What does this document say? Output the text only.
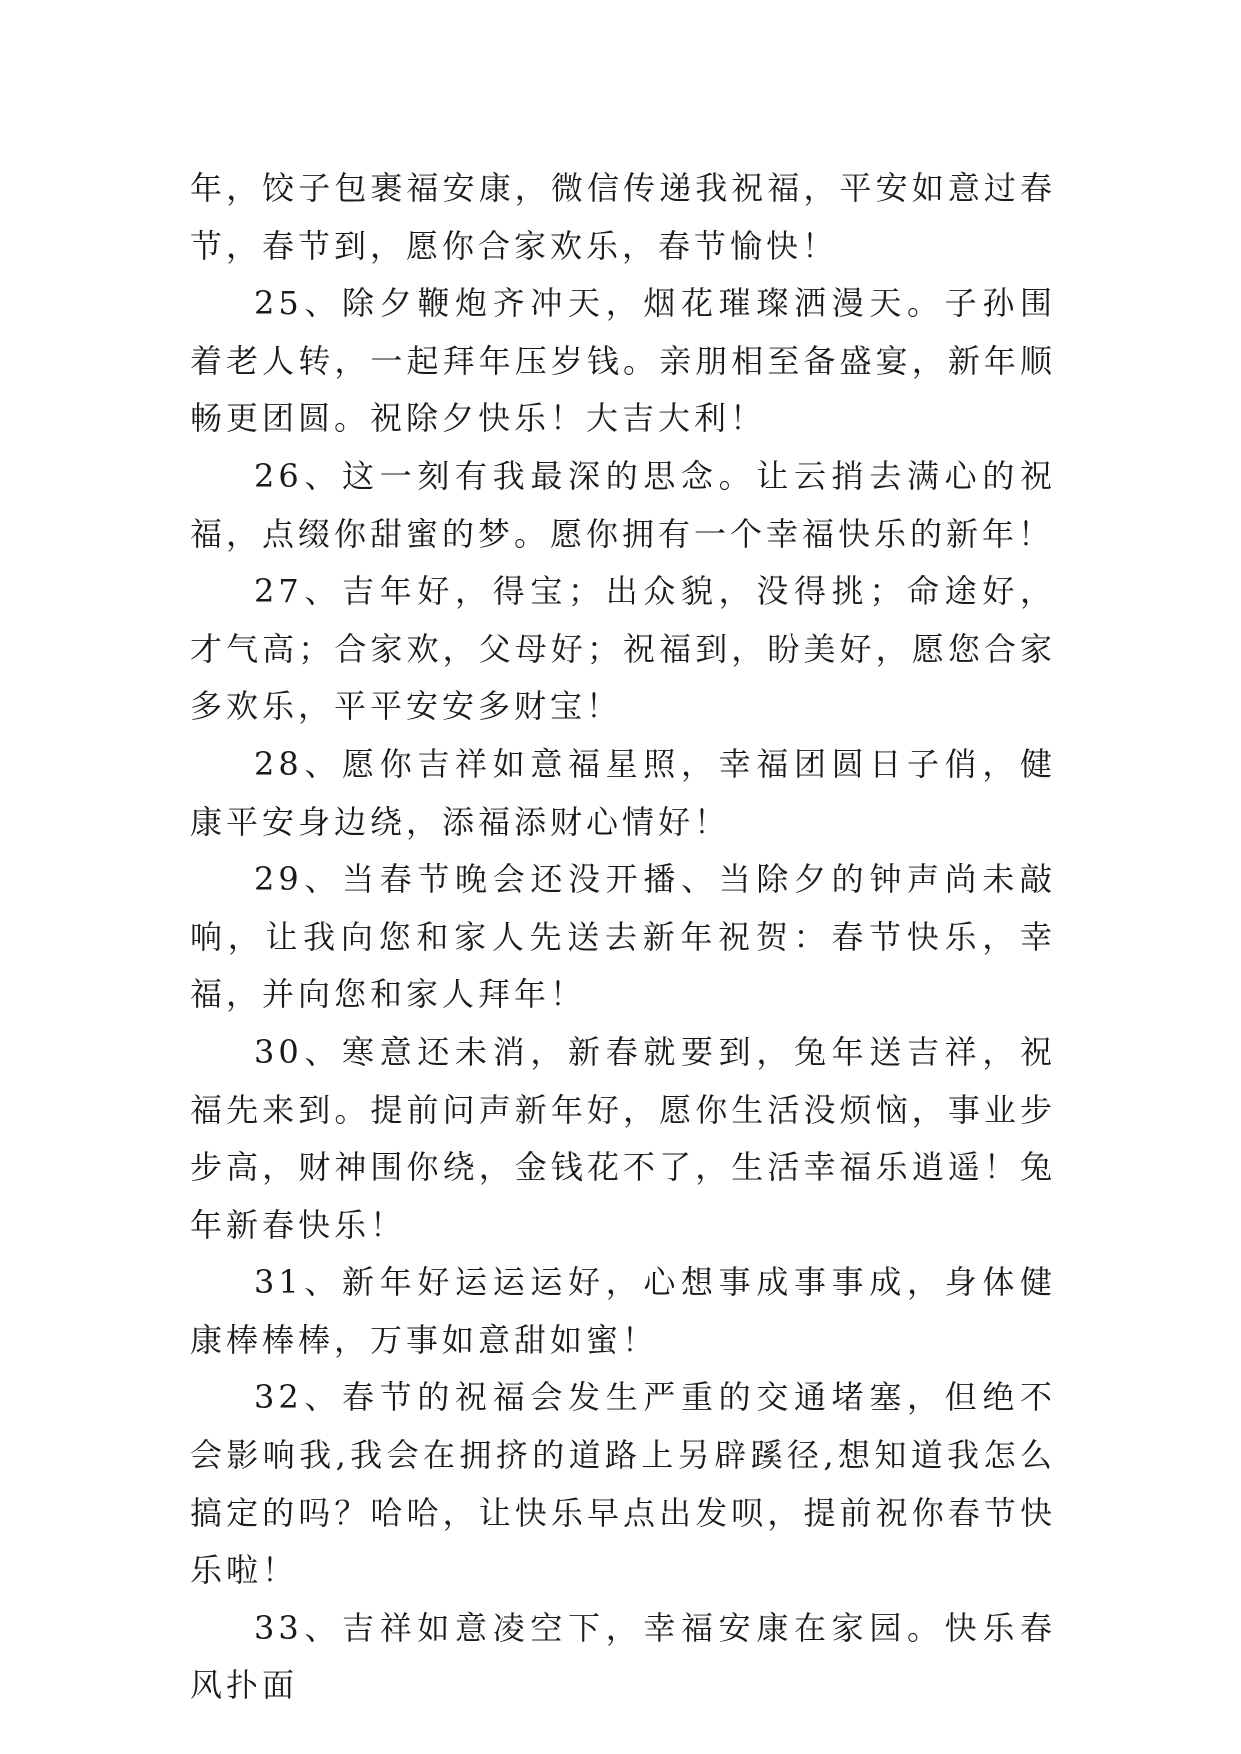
年，饺子包裹福安康，微信传递我祝福，平安如意过春节，春节到，愿你合家欢乐，春节愉快！

25、除夕鞭炮齐冲天，烟花璀璨洒漫天。子孙围着老人转，一起拜年压岁钱。亲朋相至备盛宴，新年顺畅更团圆。祝除夕快乐！大吉大利！

26、这一刻有我最深的思念。让云捎去满心的祝福，点缀你甜蜜的梦。愿你拥有一个幸福快乐的新年！

27、吉年好，得宝；出众貌，没得挑；命途好，才气高；合家欢，父母好；祝福到，盼美好，愿您合家多欢乐，平平安安多财宝！

28、愿你吉祥如意福星照，幸福团圆日子俏，健康平安身边绕，添福添财心情好！

29、当春节晚会还没开播、当除夕的钟声尚未敲响，让我向您和家人先送去新年祝贺：春节快乐，幸福，并向您和家人拜年！

30、寒意还未消，新春就要到，兔年送吉祥，祝福先来到。提前问声新年好，愿你生活没烦恼，事业步步高，财神围你绕，金钱花不了，生活幸福乐逍遥！兔年新春快乐！

31、新年好运运运好，心想事成事事成，身体健康棒棒棒，万事如意甜如蜜！

32、春节的祝福会发生严重的交通堵塞，但绝不会影响我,我会在拥挤的道路上另辟蹊径,想知道我怎么搞定的吗？哈哈，让快乐早点出发呗，提前祝你春节快乐啦！

33、吉祥如意凌空下，幸福安康在家园。快乐春风扑面
